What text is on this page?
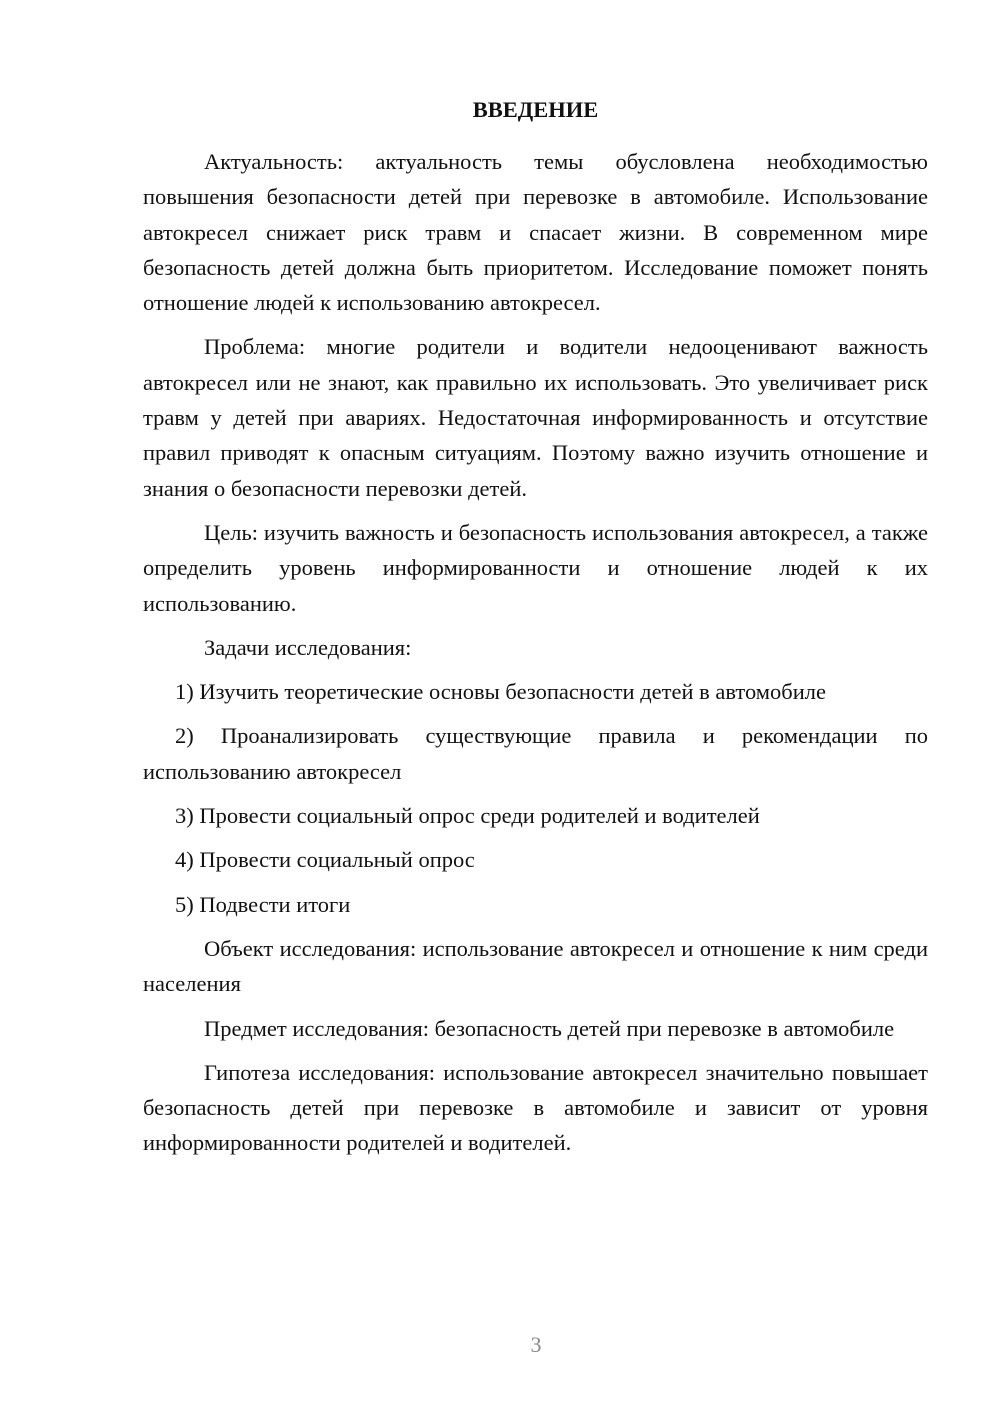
ВВЕДЕНИЕ

Актуальность: актуальность темы обусловлена необходимостью повышения безопасности детей при перевозке в автомобиле. Использование автокресел снижает риск травм и спасает жизни. В современном мире безопасность детей должна быть приоритетом. Исследование поможет понять отношение людей к использованию автокресел.

Проблема: многие родители и водители недооценивают важность автокресел или не знают, как правильно их использовать. Это увеличивает риск травм у детей при авариях. Недостаточная информированность и отсутствие правил приводят к опасным ситуациям. Поэтому важно изучить отношение и знания о безопасности перевозки детей.

Цель: изучить важность и безопасность использования автокресел, а также определить уровень информированности и отношение людей к их использованию.

Задачи исследования:

1) Изучить теоретические основы безопасности детей в автомобиле

2) Проанализировать существующие правила и рекомендации по использованию автокресел

3) Провести социальный опрос среди родителей и водителей

4) Провести социальный опрос

5) Подвести итоги

Объект исследования: использование автокресел и отношение к ним среди населения

Предмет исследования: безопасность детей при перевозке в автомобиле

Гипотеза исследования: использование автокресел значительно повышает безопасность детей при перевозке в автомобиле и зависит от уровня информированности родителей и водителей.

3
